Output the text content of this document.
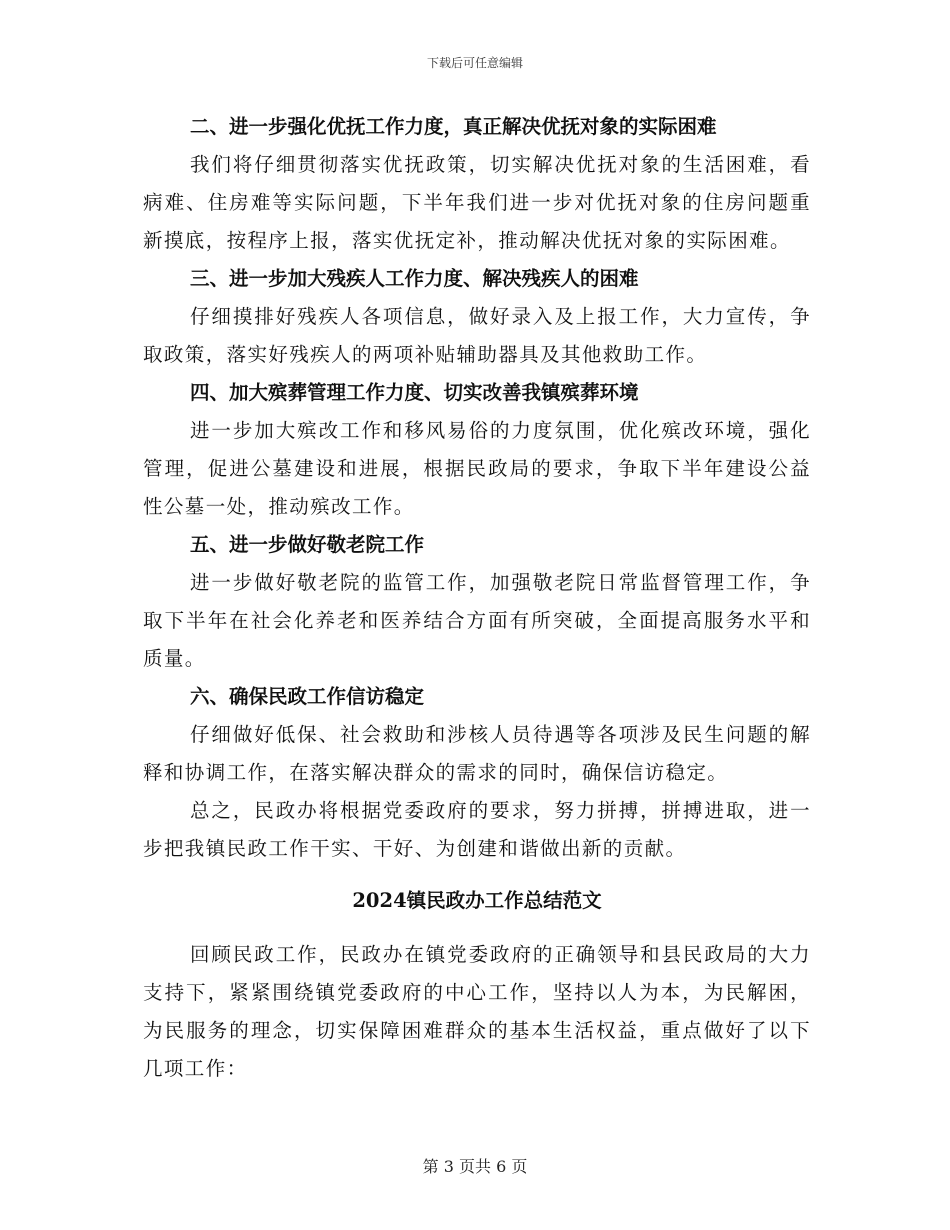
下载后可任意编辑

二、进一步强化优抚工作力度，真正解决优抚对象的实际困难

我们将仔细贯彻落实优抚政策，切实解决优抚对象的生活困难，看病难、住房难等实际问题，下半年我们进一步对优抚对象的住房问题重新摸底，按程序上报，落实优抚定补，推动解决优抚对象的实际困难。

三、进一步加大残疾人工作力度、解决残疾人的困难

仔细摸排好残疾人各项信息，做好录入及上报工作，大力宣传，争取政策，落实好残疾人的两项补贴辅助器具及其他救助工作。

四、加大殡葬管理工作力度、切实改善我镇殡葬环境

进一步加大殡改工作和移风易俗的力度氛围，优化殡改环境，强化管理，促进公墓建设和进展，根据民政局的要求，争取下半年建设公益性公墓一处，推动殡改工作。

五、进一步做好敬老院工作

进一步做好敬老院的监管工作，加强敬老院日常监督管理工作，争取下半年在社会化养老和医养结合方面有所突破，全面提高服务水平和质量。

六、确保民政工作信访稳定

仔细做好低保、社会救助和涉核人员待遇等各项涉及民生问题的解释和协调工作，在落实解决群众的需求的同时，确保信访稳定。

总之，民政办将根据党委政府的要求，努力拼搏，拼搏进取，进一步把我镇民政工作干实、干好、为创建和谐做出新的贡献。

2024镇民政办工作总结范文

回顾民政工作，民政办在镇党委政府的正确领导和县民政局的大力支持下，紧紧围绕镇党委政府的中心工作，坚持以人为本，为民解困，为民服务的理念，切实保障困难群众的基本生活权益，重点做好了以下几项工作：

第 3 页共 6 页
